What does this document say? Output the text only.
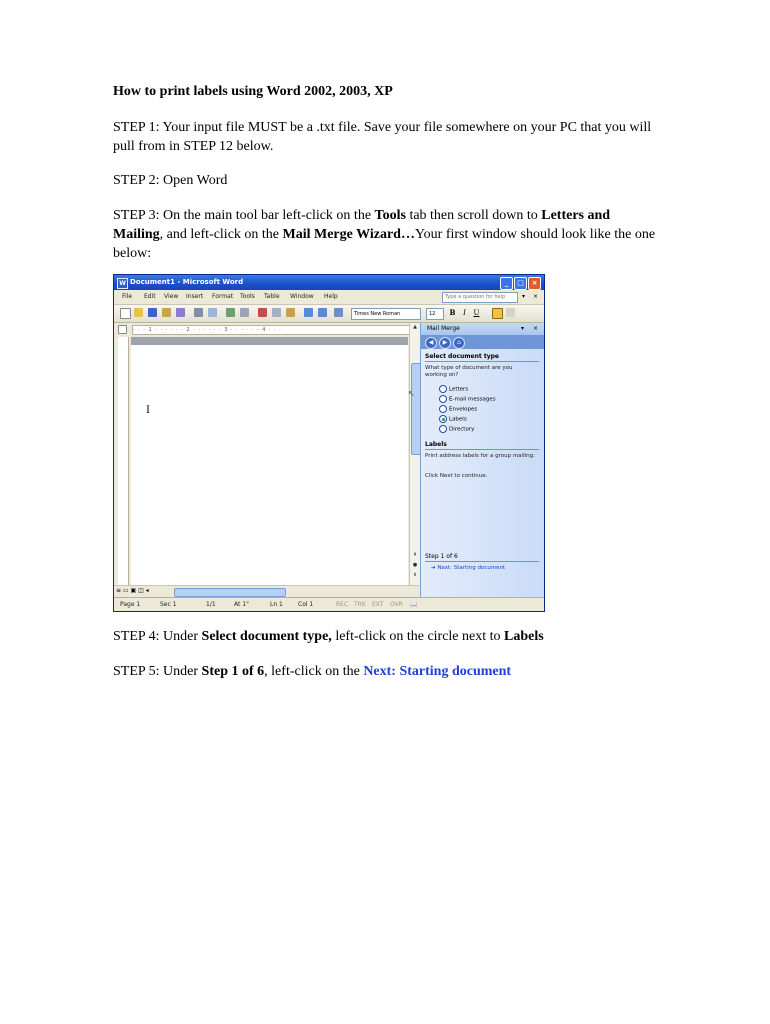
How to print labels using Word 2002, 2003, XP
STEP 1: Your input file MUST be a .txt file. Save your file somewhere on your PC that you will pull from in STEP 12 below.
STEP 2: Open Word
STEP 3: On the main tool bar left-click on the Tools tab then scroll down to Letters and Mailing, and left-click on the Mail Merge Wizard…Your first window should look like the one below:
W Document1 - Microsoft Word	_	□	×
File Edit View Insert Format Tools Table Window Help	Type a question for help	▾ ×
Times New Roman	12	B	I	U
· · · 1 · · · · · · 2 · · · · · · 3 · · · · · · 4 · · ·
I
▲
⇞
●
⇟
↖
≡ ▭ ▣ ◫ ◂
Page 1	Sec 1	1/1	At 1"	Ln 1	Col 1	REC TRK EXT OVR 📖
Mail Merge	▾ ×
◀	▶	⌂
Select document type
What type of document are you working on?
Letters
E-mail messages
Envelopes
Labels
Directory
Labels
Print address labels for a group mailing.
Click Next to continue.
Step 1 of 6
➔ Next: Starting document
STEP 4: Under Select document type, left-click on the circle next to Labels
STEP 5: Under Step 1 of 6, left-click on the Next: Starting document
